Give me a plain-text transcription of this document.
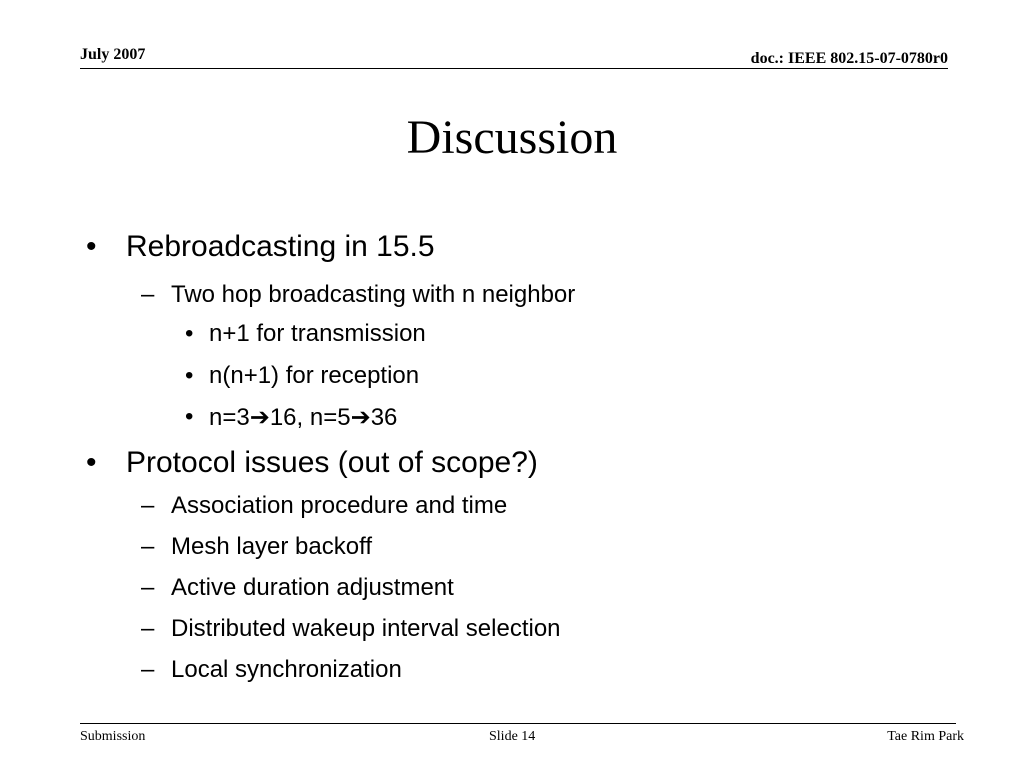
July 2007	doc.: IEEE 802.15-07-0780r0
Discussion
• Rebroadcasting in 15.5
– Two hop broadcasting with n neighbor
• n+1 for transmission
• n(n+1) for reception
• n=3➔16, n=5➔36
• Protocol issues (out of scope?)
– Association procedure and time
– Mesh layer backoff
– Active duration adjustment
– Distributed wakeup interval selection
– Local synchronization
Submission	Slide 14	Tae Rim Park
